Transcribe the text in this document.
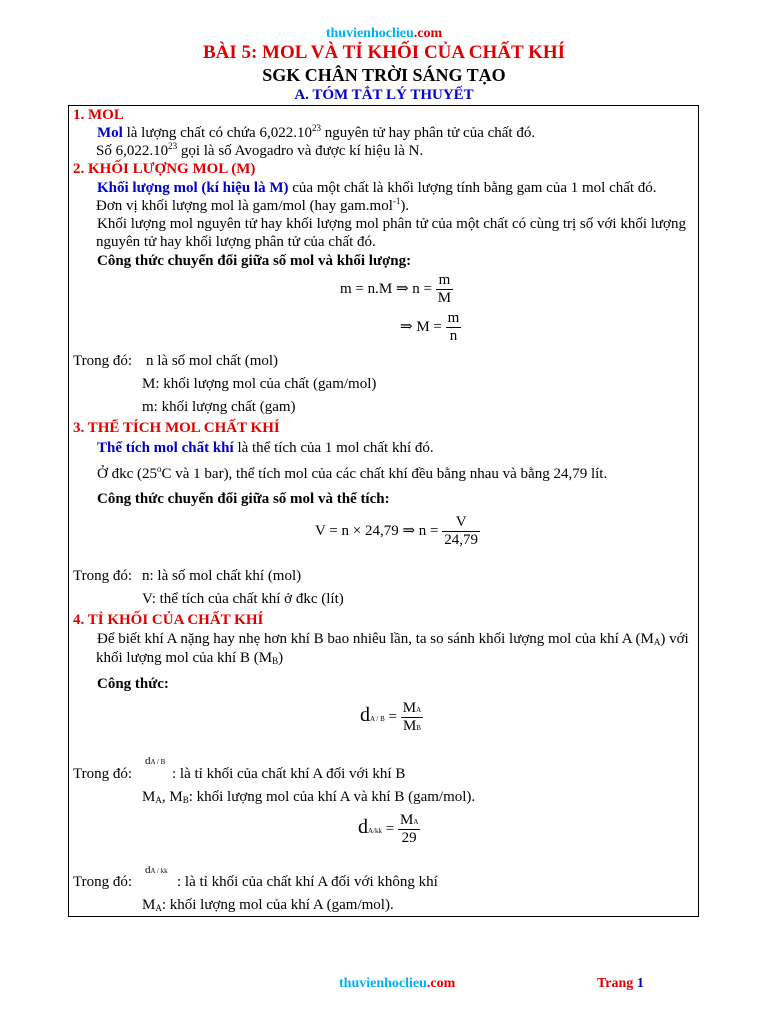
thuvienhoclieu.com
BÀI 5: MOL VÀ TỈ KHỐI CỦA CHẤT KHÍ
SGK CHÂN TRỜI SÁNG TẠO
A. TÓM TẮT LÝ THUYẾT
1. MOL
Mol là lượng chất có chứa 6,022.10$^{23}$ nguyên tử hay phân tử của chất đó.
Số 6,022.10$^{23}$ gọi là số Avogadro và được kí hiệu là N.
2. KHỐI LƯỢNG MOL (M)
Khối lượng mol (kí hiệu là M) của một chất là khối lượng tính bằng gam của 1 mol chất đó.
Đơn vị khối lượng mol là gam/mol (hay gam.mol$^{-1}$).
Khối lượng mol nguyên tử hay khối lượng mol phân tử của một chất có cùng trị số với khối lượng
nguyên tử hay khối lượng phân tử của chất đó.
Công thức chuyển đổi giữa số mol và khối lượng:
m = n.M ⇒ $n = \frac{m}{M}$
⇒ $M = \frac{m}{n}$
Trong đó: n là số mol chất (mol)
M: khối lượng mol của chất (gam/mol)
m: khối lượng chất (gam)
3. THỂ TÍCH MOL CHẤT KHÍ
Thể tích mol chất khí là thể tích của 1 mol chất khí đó.
Ở đkc (25$^o$C và 1 bar), thể tích mol của các chất khí đều bằng nhau và bằng 24,79 lít.
Công thức chuyển đổi giữa số mol và thể tích:
V = n × 24,79 ⇒ $n = \frac{V}{24,79}$
Trong đó: n: là số mol chất khí (mol)
V: thể tích của chất khí ở đkc (lít)
4. TỈ KHỐI CỦA CHẤT KHÍ
Để biết khí A nặng hay nhẹ hơn khí B bao nhiêu lần, ta so sánh khối lượng mol của khí A $(M_A)$ với
khối lượng mol của khí B $(M_B)$
Công thức:
dA / $B = \frac{MA}{MB}$
Trong đó:
dA / B
: là tỉ khối của chất khí A đối với khí B
$M_A$, $M_B$: khối lượng mol của khí A và khí B (gam/mol).
$dA/kk = \frac{MA}{29}$
Trong đó:
dA / kk
: là tỉ khối của chất khí A đối với không khí
$M_A$: khối lượng mol của khí A (gam/mol).
thuvienhoclieu.com	Trang 1
